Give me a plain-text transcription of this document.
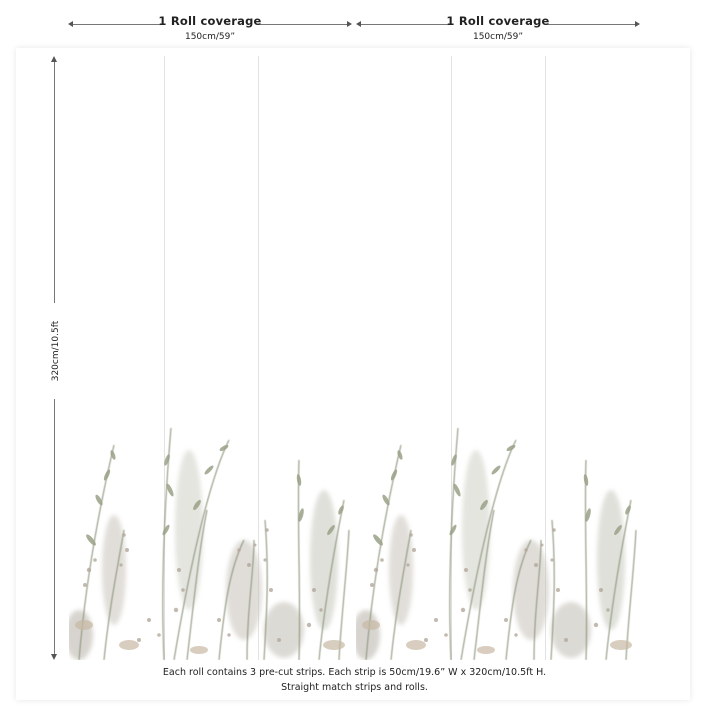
1 Roll coverage
150cm/59”
1 Roll coverage
150cm/59”
320cm/10.5ft
Each roll contains 3 pre-cut strips. Each strip is 50cm/19.6” W x 320cm/10.5ft H.
Straight match strips and rolls.
